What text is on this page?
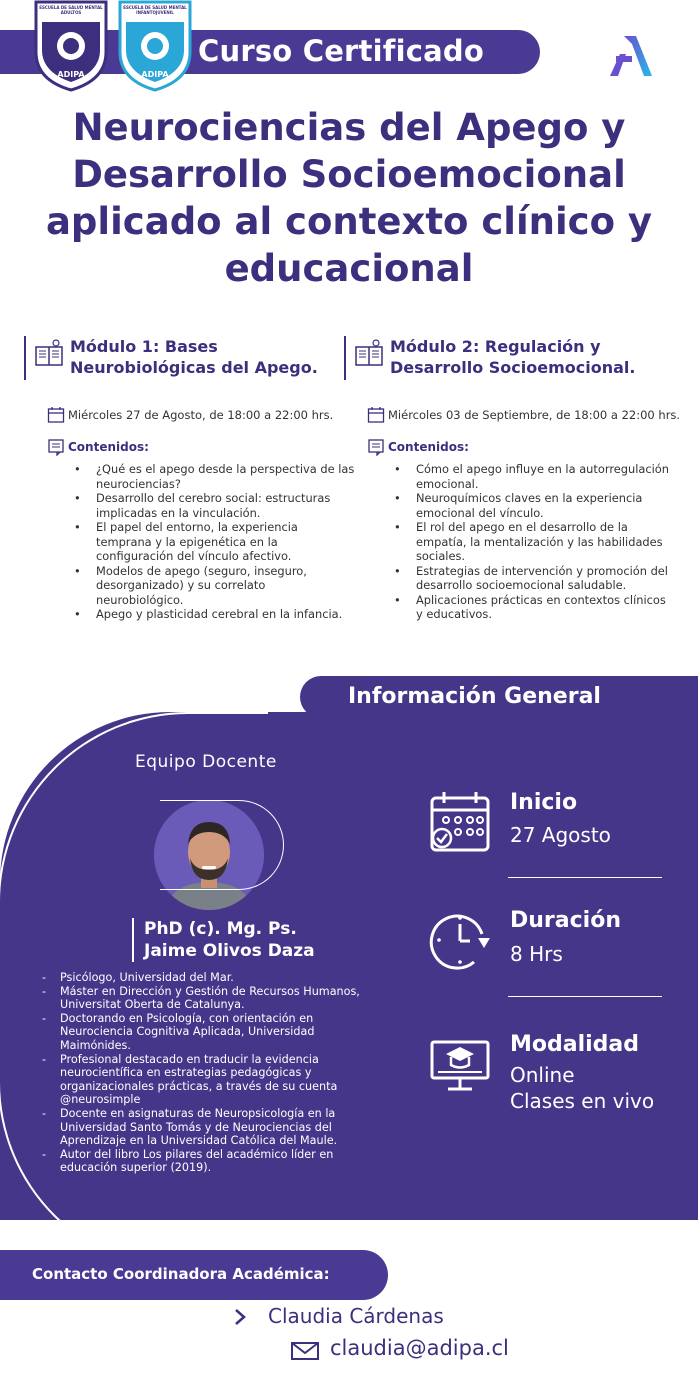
Curso Certificado
ESCUELA DE SALUD MENTAL
ADULTOS
ADIPA
ESCUELA DE SALUD MENTAL
INFANTOJUVENIL
ADIPA
Neurociencias del Apego y Desarrollo Socioemocional aplicado al contexto clínico y educacional
Módulo 1: Bases Neurobiológicas del Apego.
Miércoles 27 de Agosto, de 18:00 a 22:00 hrs.
Contenidos:
• ¿Qué es el apego desde la perspectiva de las neurociencias?
• Desarrollo del cerebro social: estructuras implicadas en la vinculación.
• El papel del entorno, la experiencia temprana y la epigenética en la configuración del vínculo afectivo.
• Modelos de apego (seguro, inseguro, desorganizado) y su correlato neurobiológico.
• Apego y plasticidad cerebral en la infancia.
Módulo 2: Regulación y Desarrollo Socioemocional.
Miércoles 03 de Septiembre, de 18:00 a 22:00 hrs.
Contenidos:
• Cómo el apego influye en la autorregulación emocional.
• Neuroquímicos claves en la experiencia emocional del vínculo.
• El rol del apego en el desarrollo de la empatía, la mentalización y las habilidades sociales.
• Estrategias de intervención y promoción del desarrollo socioemocional saludable.
• Aplicaciones prácticas en contextos clínicos y educativos.
Información General
Equipo Docente
PhD (c). Mg. Ps.
Jaime Olivos Daza
- Psicólogo, Universidad del Mar.
- Máster en Dirección y Gestión de Recursos Humanos, Universitat Oberta de Catalunya.
- Doctorando en Psicología, con orientación en Neurociencia Cognitiva Aplicada, Universidad Maimónides.
- Profesional destacado en traducir la evidencia neurocientífica en estrategias pedagógicas y organizacionales prácticas, a través de su cuenta @neurosimple
- Docente en asignaturas de Neuropsicología en la Universidad Santo Tomás y de Neurociencias del Aprendizaje en la Universidad Católica del Maule.
- Autor del libro Los pilares del académico líder en educación superior (2019).
Inicio
27 Agosto
Duración
8 Hrs
Modalidad
Online
Clases en vivo
Contacto Coordinadora Académica:
Claudia Cárdenas
claudia@adipa.cl
